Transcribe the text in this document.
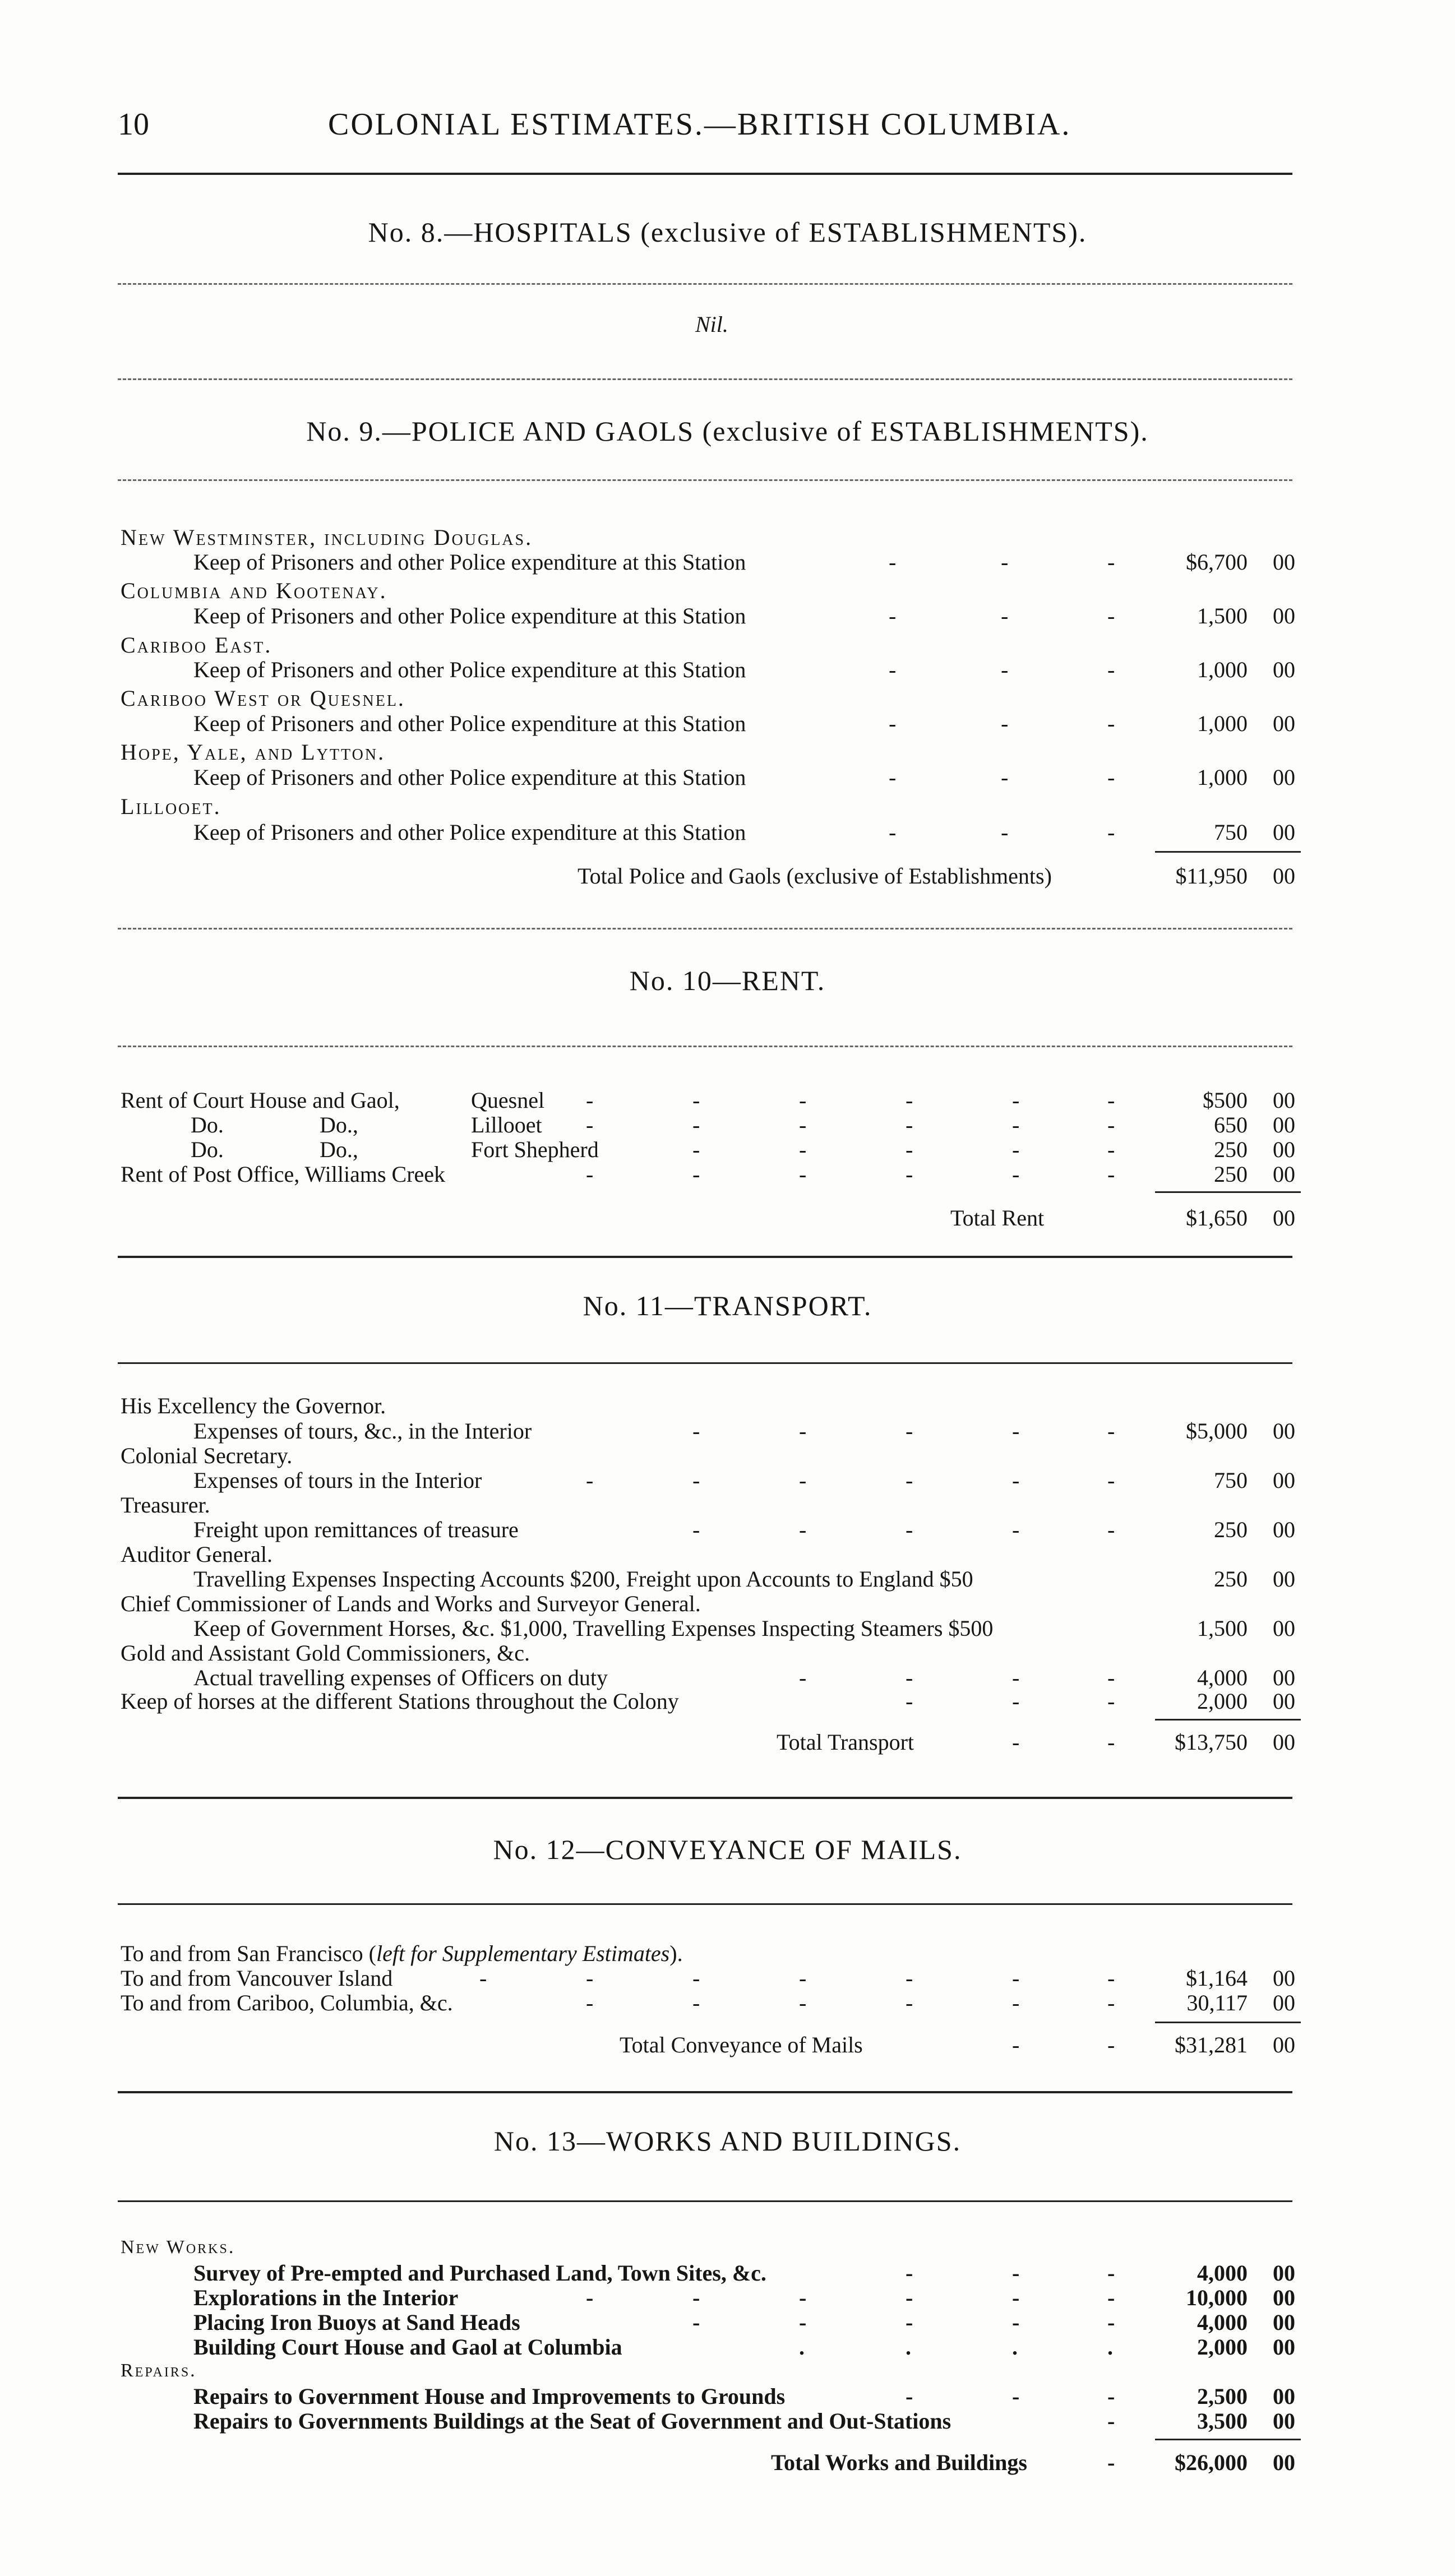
10	COLONIAL ESTIMATES.—BRITISH COLUMBIA.
No. 8.—HOSPITALS (exclusive of ESTABLISHMENTS).
Nil.
No. 9.—POLICE AND GAOLS (exclusive of ESTABLISHMENTS).
New Westminster, including Douglas.
Keep of Prisoners and other Police expenditure at this Station	-	-	-	$6,700 00
Columbia and Kootenay.
Keep of Prisoners and other Police expenditure at this Station	-	-	-	1,500 00
Cariboo East.
Keep of Prisoners and other Police expenditure at this Station	-	-	-	1,000 00
Cariboo West or Quesnel.
Keep of Prisoners and other Police expenditure at this Station	-	-	-	1,000 00
Hope, Yale, and Lytton.
Keep of Prisoners and other Police expenditure at this Station	-	-	-	1,000 00
Lillooet.
Keep of Prisoners and other Police expenditure at this Station	-	-	-	750 00
Total Police and Gaols (exclusive of Establishments)	$11,950 00
No. 10—RENT.
Rent of Court House and Gaol,	Quesnel -	-	-	-	-	-	$500 00
Do.	Do.,	Lillooet -	-	-	-	-	-	650 00
Do.	Do.,	Fort Shepherd	-	-	-	-	-	250 00
Rent of Post Office, Williams Creek	-	-	-	-	-	-	250 00
Total Rent	$1,650 00
No. 11—TRANSPORT.
His Excellency the Governor.
Expenses of tours, &c., in the Interior	-	-	-	-	-	$5,000 00
Colonial Secretary.
Expenses of tours in the Interior	-	-	-	-	-	-	750 00
Treasurer.
Freight upon remittances of treasure	-	-	-	-	-	250 00
Auditor General.
Travelling Expenses Inspecting Accounts $200, Freight upon Accounts to England $50	250 00
Chief Commissioner of Lands and Works and Surveyor General.
Keep of Government Horses, &c. $1,000, Travelling Expenses Inspecting Steamers $500	1,500 00
Gold and Assistant Gold Commissioners, &c.
Actual travelling expenses of Officers on duty	-	-	-	-	4,000 00
Keep of horses at the different Stations throughout the Colony	-	-	-	2,000 00
Total Transport	-	-	$13,750 00
No. 12—CONVEYANCE OF MAILS.
To and from San Francisco (left for Supplementary Estimates).
To and from Vancouver Island	-	-	-	-	-	-	-	$1,164 00
To and from Cariboo, Columbia, &c.	-	-	-	-	-	-	30,117 00
Total Conveyance of Mails	-	-	$31,281 00
No. 13—WORKS AND BUILDINGS.
New Works.
Survey of Pre-empted and Purchased Land, Town Sites, &c.	-	-	-	4,000 00
Explorations in the Interior	-	-	-	-	-	-	10,000 00
Placing Iron Buoys at Sand Heads	-	-	-	-	-	4,000 00
Building Court House and Gaol at Columbia	.	.	.	.	2,000 00
Repairs.
Repairs to Government House and Improvements to Grounds	-	-	-	2,500 00
Repairs to Governments Buildings at the Seat of Government and Out-Stations	-	3,500 00
Total Works and Buildings	-	$26,000 00
